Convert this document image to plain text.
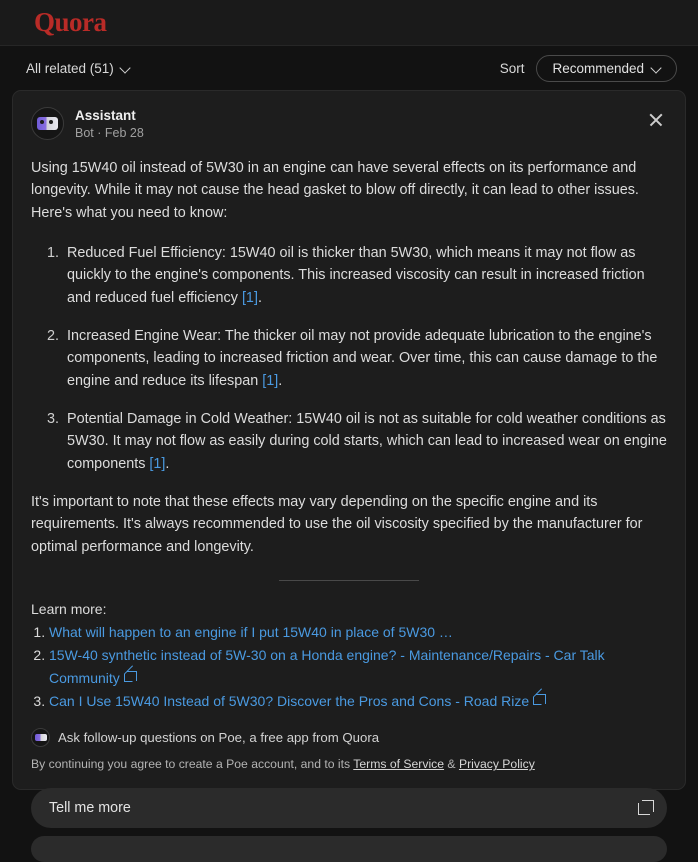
Quora
All related (51)	Sort Recommended
Assistant
Bot · Feb 28

Using 15W40 oil instead of 5W30 in an engine can have several effects on its performance and longevity. While it may not cause the head gasket to blow off directly, it can lead to other issues. Here's what you need to know:

1. Reduced Fuel Efficiency: 15W40 oil is thicker than 5W30, which means it may not flow as quickly to the engine's components. This increased viscosity can result in increased friction and reduced fuel efficiency [1].
2. Increased Engine Wear: The thicker oil may not provide adequate lubrication to the engine's components, leading to increased friction and wear. Over time, this can cause damage to the engine and reduce its lifespan [1].
3. Potential Damage in Cold Weather: 15W40 oil is not as suitable for cold weather conditions as 5W30. It may not flow as easily during cold starts, which can lead to increased wear on engine components [1].

It's important to note that these effects may vary depending on the specific engine and its requirements. It's always recommended to use the oil viscosity specified by the manufacturer for optimal performance and longevity.

Learn more:
1. What will happen to an engine if I put 15W40 in place of 5W30 …
2. 15W-40 synthetic instead of 5W-30 on a Honda engine? - Maintenance/Repairs - Car Talk Community
3. Can I Use 15W40 Instead of 5W30? Discover the Pros and Cons - Road Rize
Ask follow-up questions on Poe, a free app from Quora
By continuing you agree to create a Poe account, and to its Terms of Service & Privacy Policy
Tell me more
